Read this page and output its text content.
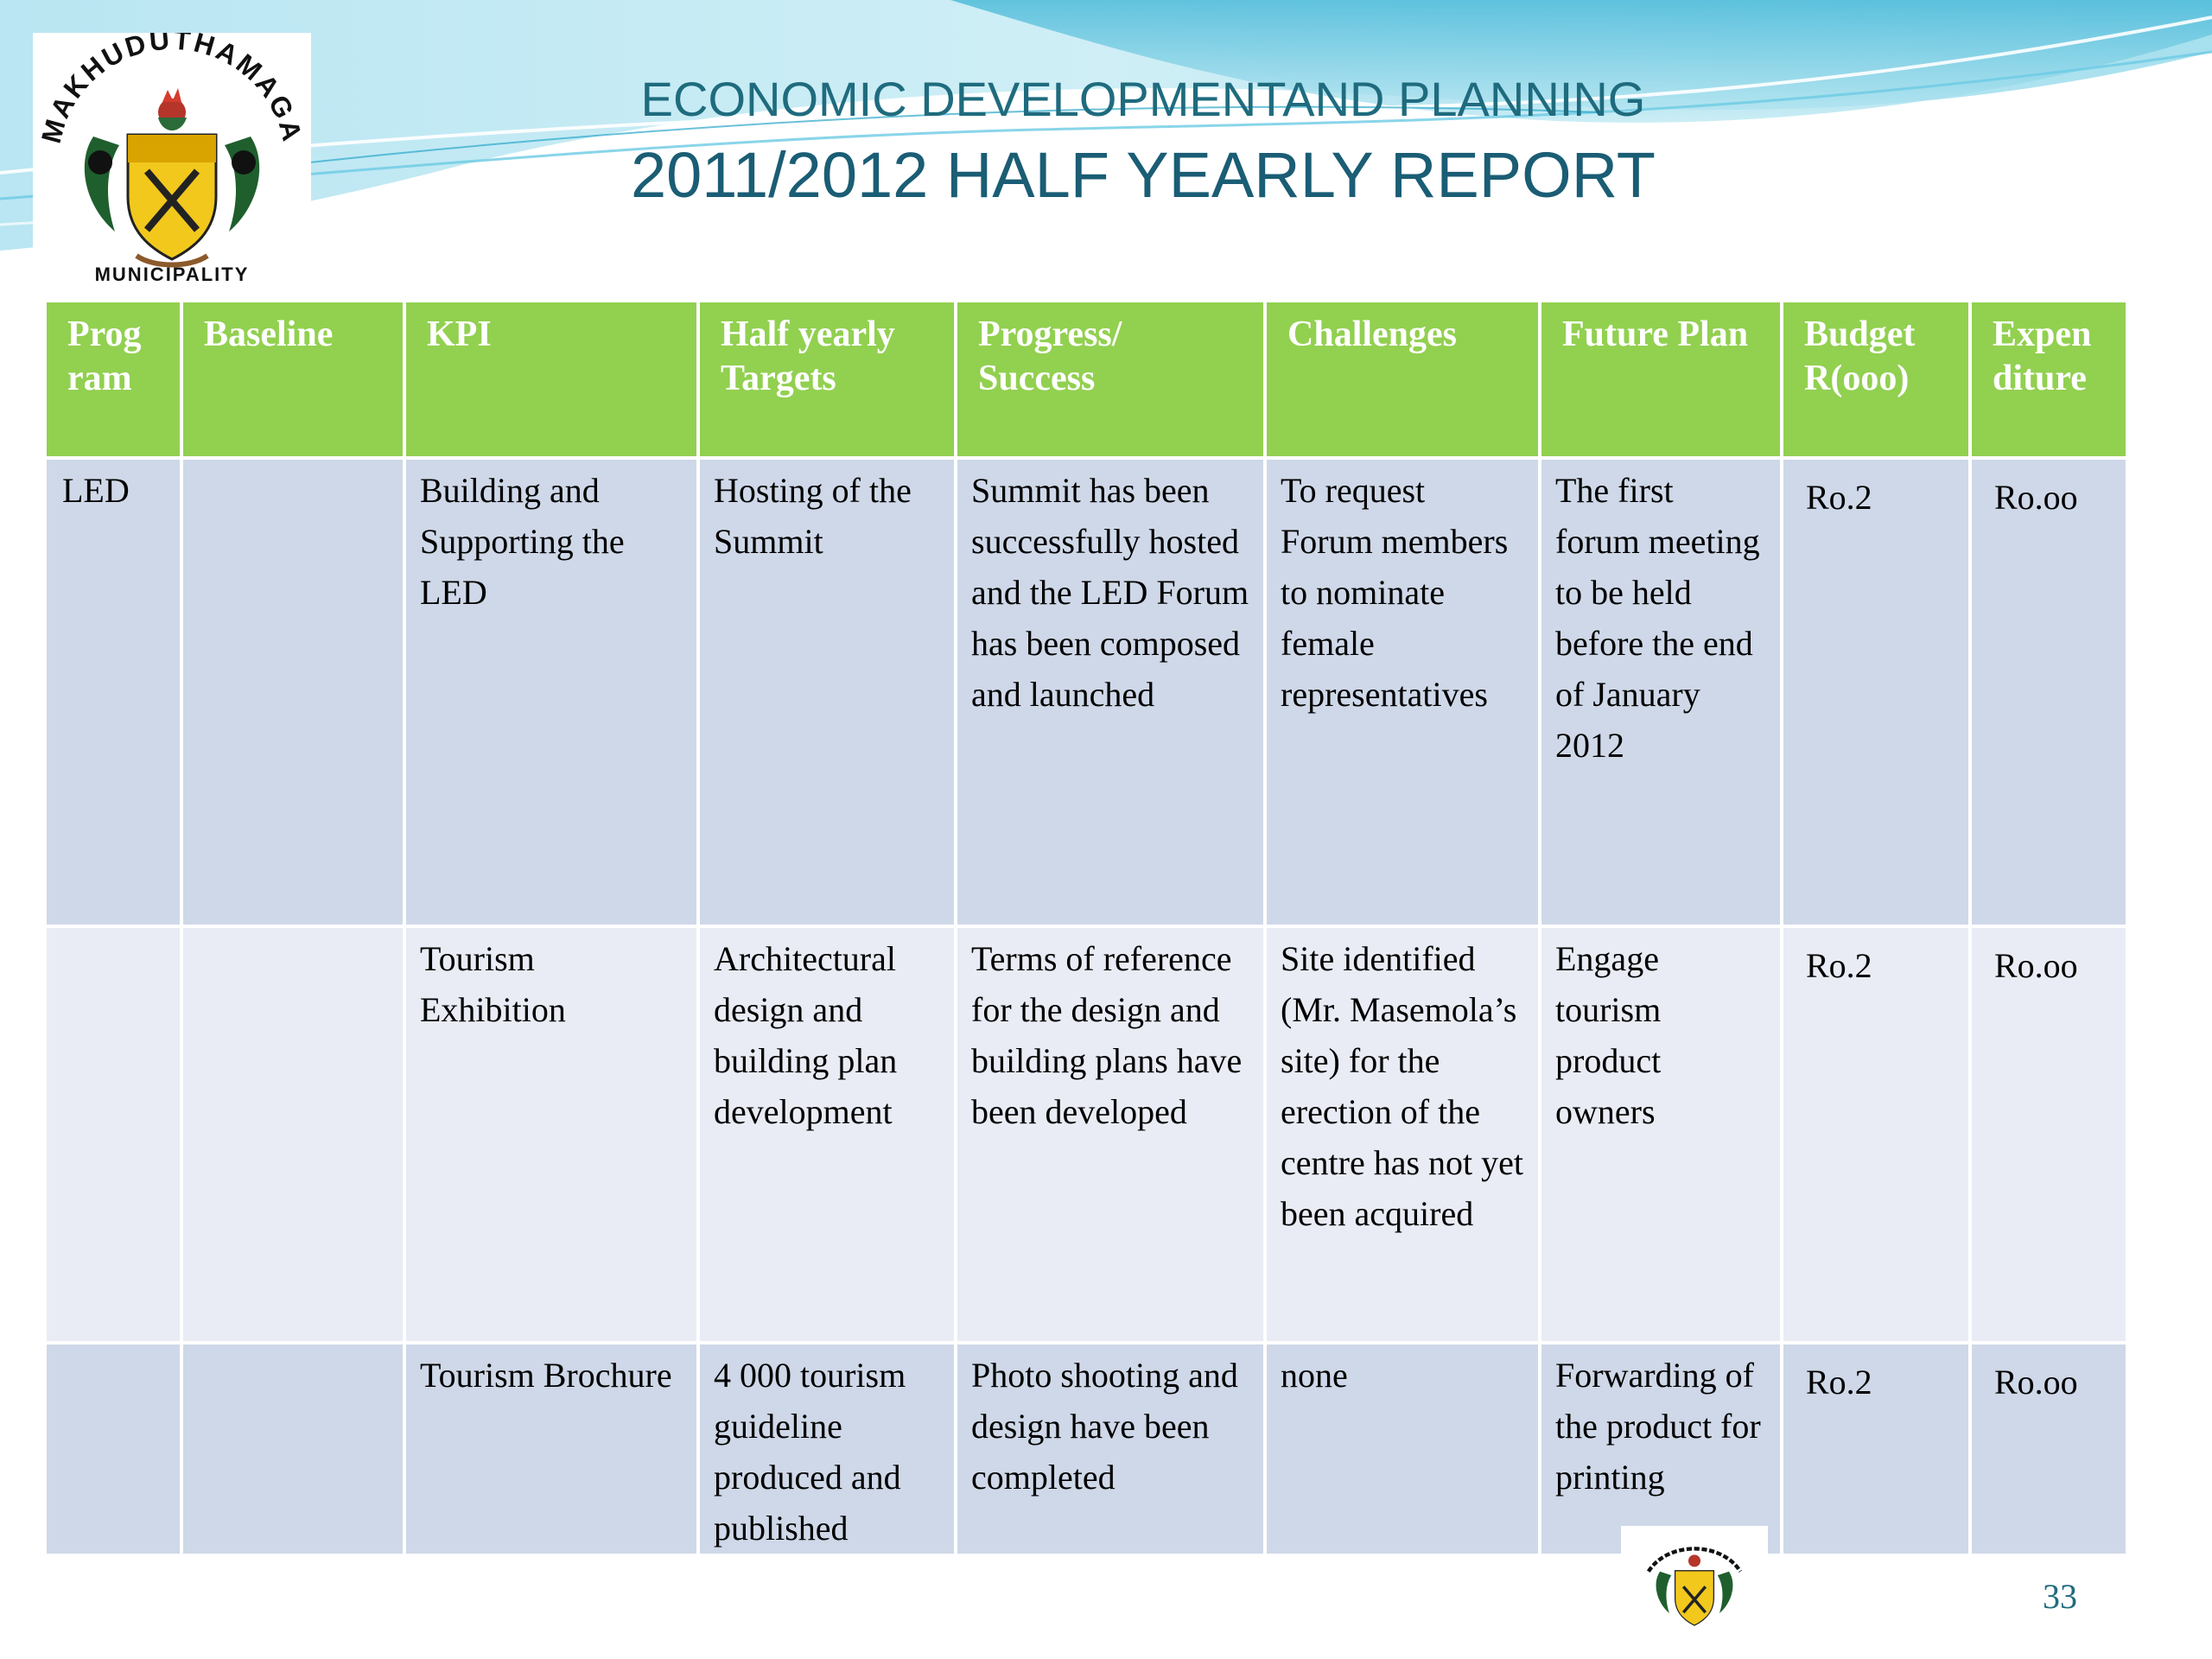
MAKHUDUTHAMAGA
MUNICIPALITY
ECONOMIC DEVELOPMENTAND PLANNING
2011/2012 HALF YEARLY REPORT
Prog ram	Baseline	KPI	Half yearly Targets	Progress/ Success	Challenges	Future Plan	Budget R(ooo)	Expen diture
LED		Building and Supporting the LED	Hosting of the Summit	Summit has been successfully hosted and the LED Forum has been composed and launched	To request Forum members to nominate female representatives	The first forum meeting to be held before the end of January 2012	Ro.2	Ro.oo
		Tourism Exhibition	Architectural design and building plan development	Terms of reference for the design and building plans have been developed	Site identified (Mr. Masemola’s site) for the erection of the centre has not yet been acquired	Engage tourism product owners	Ro.2	Ro.oo
		Tourism Brochure	4 000 tourism guideline produced and published	Photo shooting and design have been completed	none	Forwarding of the product for printing	Ro.2	Ro.oo
33
